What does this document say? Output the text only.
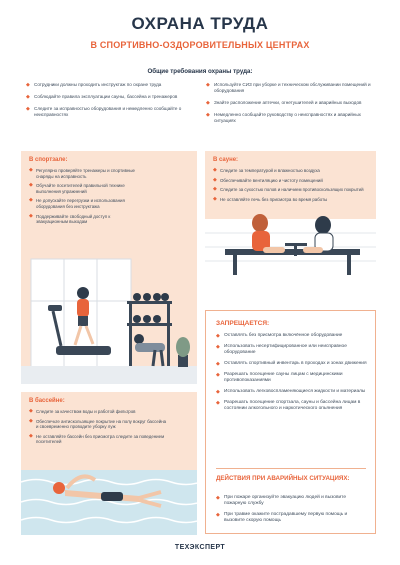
ОХРАНА ТРУДА
В СПОРТИВНО-ОЗДОРОВИТЕЛЬНЫХ ЦЕНТРАХ
Общие требования охраны труда:
◆ Сотрудники должны проходить инструктаж по охране труда
◆ Соблюдайте правила эксплуатации сауны, бассейна и тренажеров
◆ Следите за исправностью оборудования и немедленно сообщайте о неисправностях
◆ Используйте СИЗ при уборке и техническом обслуживании помещений и оборудования
◆ Знайте расположение аптечки, огнетушителей и аварийных выходов
◆ Немедленно сообщайте руководству о неисправностях и аварийных ситуациях
В спортзале:
◆ Регулярно проверяйте тренажеры и спортивные снаряды на исправность
◆ Обучайте посетителей правильной технике выполнения упражнений
◆ Не допускайте перегрузки и использования оборудования без инструктажа
◆ Поддерживайте свободный доступ к эвакуационным выходам
В сауне:
◆ Следите за температурой и влажностью воздуха
◆ Обеспечивайте вентиляцию и чистоту помещений
◆ Следите за сухостью полов и наличием противоскользящих покрытий
◆ Не оставляйте печь без присмотра во время работы
В бассейне:
◆ Следите за качеством воды и работой фильтров
◆ Обеспечьте антискользящее покрытие на полу вокруг бассейна и своевременно проводите уборку луж
◆ Не оставляйте бассейн без присмотра следите за поведением посетителей
ЗАПРЕЩАЕТСЯ:
◆ Оставлять без присмотра включённое оборудование
◆ Использовать несертифицированное или неисправное оборудование
◆ Оставлять спортивный инвентарь в проходах и зонах движения
◆ Разрешать посещение сауны лицам с медицинскими противопоказаниями
◆ Использовать легковоспламеняющиеся жидкости и материалы
◆ Разрешать посещение спортзала, сауны и бассейна лицам в состоянии алкогольного и наркотического опьянения
ДЕЙСТВИЯ ПРИ АВАРИЙНЫХ СИТУАЦИЯХ:
◆ При пожаре организуйте эвакуацию людей и вызовите пожарную службу
◆ При травме окажите пострадавшему первую помощь и вызовите скорую помощь
ТЕХЭКСПЕРТ
